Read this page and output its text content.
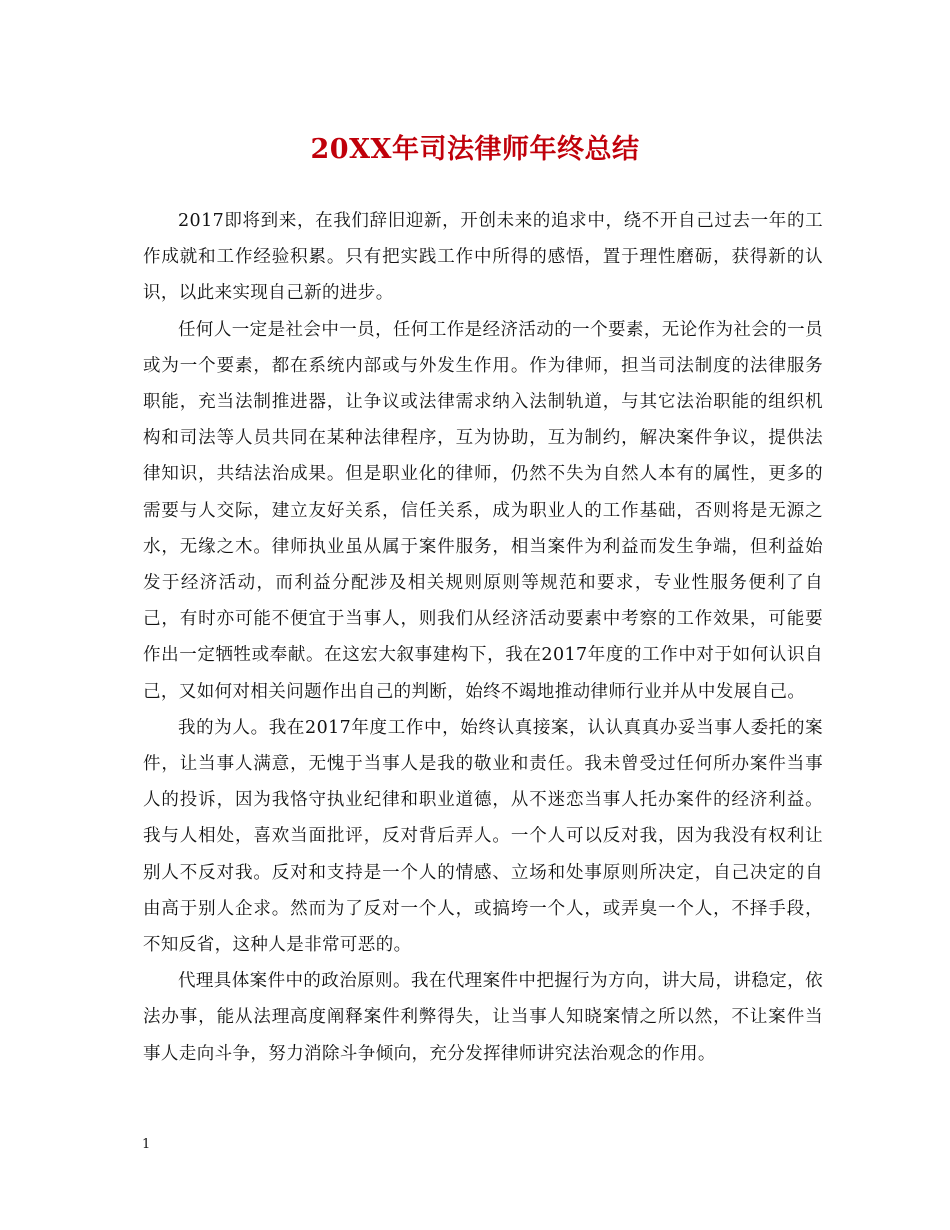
20XX年司法律师年终总结

2017即将到来，在我们辞旧迎新，开创未来的追求中，绕不开自己过去一年的工作成就和工作经验积累。只有把实践工作中所得的感悟，置于理性磨砺，获得新的认识，以此来实现自己新的进步。

任何人一定是社会中一员，任何工作是经济活动的一个要素，无论作为社会的一员或为一个要素，都在系统内部或与外发生作用。作为律师，担当司法制度的法律服务职能，充当法制推进器，让争议或法律需求纳入法制轨道，与其它法治职能的组织机构和司法等人员共同在某种法律程序，互为协助，互为制约，解决案件争议，提供法律知识，共结法治成果。但是职业化的律师，仍然不失为自然人本有的属性，更多的需要与人交际，建立友好关系，信任关系，成为职业人的工作基础，否则将是无源之水，无缘之木。律师执业虽从属于案件服务，相当案件为利益而发生争端，但利益始发于经济活动，而利益分配涉及相关规则原则等规范和要求，专业性服务便利了自己，有时亦可能不便宜于当事人，则我们从经济活动要素中考察的工作效果，可能要作出一定牺牲或奉献。在这宏大叙事建构下，我在2017年度的工作中对于如何认识自己，又如何对相关问题作出自己的判断，始终不竭地推动律师行业并从中发展自己。

我的为人。我在2017年度工作中，始终认真接案，认认真真办妥当事人委托的案件，让当事人满意，无愧于当事人是我的敬业和责任。我未曾受过任何所办案件当事人的投诉，因为我恪守执业纪律和职业道德，从不迷恋当事人托办案件的经济利益。我与人相处，喜欢当面批评，反对背后弄人。一个人可以反对我，因为我没有权利让别人不反对我。反对和支持是一个人的情感、立场和处事原则所决定，自己决定的自由高于别人企求。然而为了反对一个人，或搞垮一个人，或弄臭一个人，不择手段，不知反省，这种人是非常可恶的。

代理具体案件中的政治原则。我在代理案件中把握行为方向，讲大局，讲稳定，依法办事，能从法理高度阐释案件利弊得失，让当事人知晓案情之所以然，不让案件当事人走向斗争，努力消除斗争倾向，充分发挥律师讲究法治观念的作用。

1
